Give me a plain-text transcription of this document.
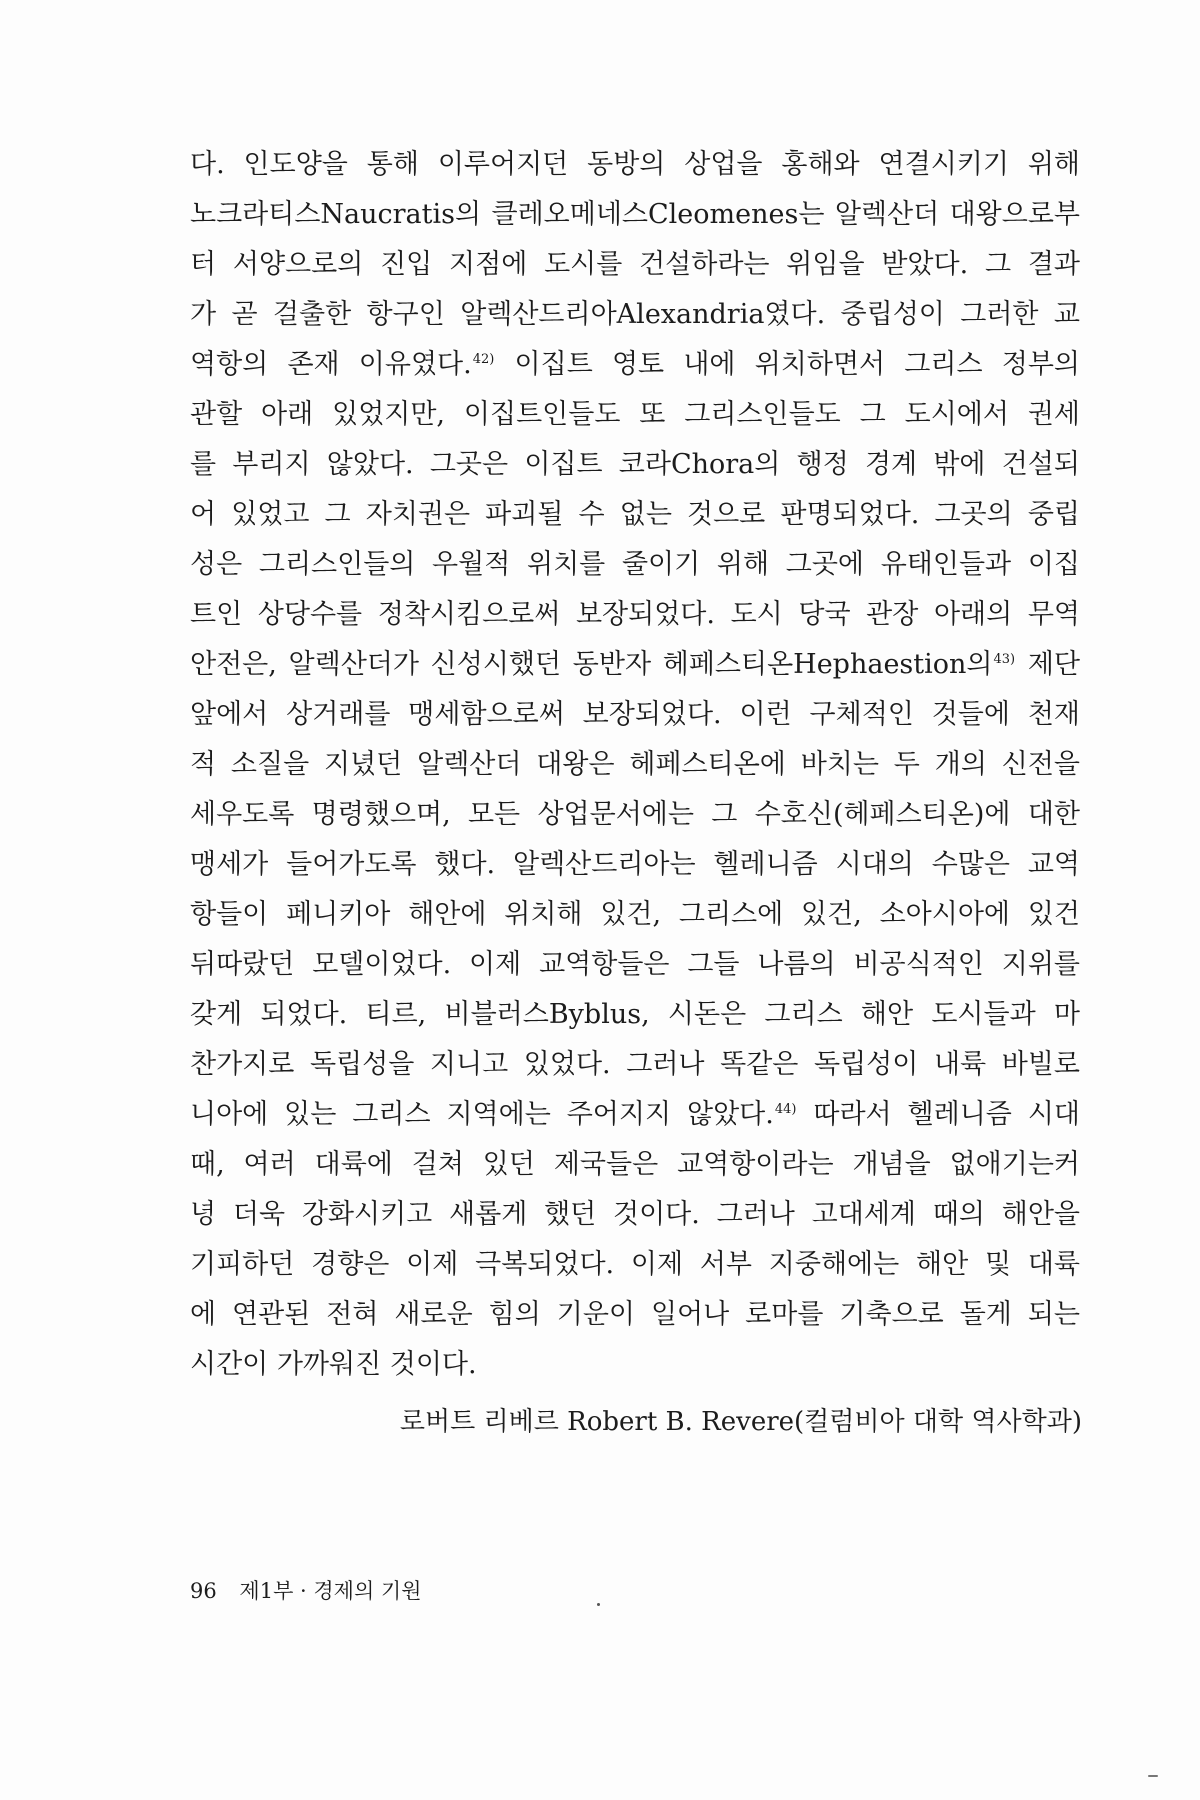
다. 인도양을 통해 이루어지던 동방의 상업을 홍해와 연결시키기 위해
노크라티스Naucratis의 클레오메네스Cleomenes는 알렉산더 대왕으로부
터 서양으로의 진입 지점에 도시를 건설하라는 위임을 받았다. 그 결과
가 곧 걸출한 항구인 알렉산드리아Alexandria였다. 중립성이 그러한 교
역항의 존재 이유였다.$^{42)}$ 이집트 영토 내에 위치하면서 그리스 정부의
관할 아래 있었지만, 이집트인들도 또 그리스인들도 그 도시에서 권세
를 부리지 않았다. 그곳은 이집트 코라Chora의 행정 경계 밖에 건설되
어 있었고 그 자치권은 파괴될 수 없는 것으로 판명되었다. 그곳의 중립
성은 그리스인들의 우월적 위치를 줄이기 위해 그곳에 유태인들과 이집
트인 상당수를 정착시킴으로써 보장되었다. 도시 당국 관장 아래의 무역
안전은, 알렉산더가 신성시했던 동반자 헤페스티온Hephaestion의$^{43)}$ 제단
앞에서 상거래를 맹세함으로써 보장되었다. 이런 구체적인 것들에 천재
적 소질을 지녔던 알렉산더 대왕은 헤페스티온에 바치는 두 개의 신전을
세우도록 명령했으며, 모든 상업문서에는 그 수호신(헤페스티온)에 대한
맹세가 들어가도록 했다. 알렉산드리아는 헬레니즘 시대의 수많은 교역
항들이 페니키아 해안에 위치해 있건, 그리스에 있건, 소아시아에 있건
뒤따랐던 모델이었다. 이제 교역항들은 그들 나름의 비공식적인 지위를
갖게 되었다. 티르, 비블러스Byblus, 시돈은 그리스 해안 도시들과 마
찬가지로 독립성을 지니고 있었다. 그러나 똑같은 독립성이 내륙 바빌로
니아에 있는 그리스 지역에는 주어지지 않았다.$^{44)}$ 따라서 헬레니즘 시대
때, 여러 대륙에 걸쳐 있던 제국들은 교역항이라는 개념을 없애기는커
녕 더욱 강화시키고 새롭게 했던 것이다. 그러나 고대세계 때의 해안을
기피하던 경향은 이제 극복되었다. 이제 서부 지중해에는 해안 및 대륙
에 연관된 전혀 새로운 힘의 기운이 일어나 로마를 기축으로 돌게 되는
시간이 가까워진 것이다.
로버트 리베르 Robert B. Revere(컬럼비아 대학 역사학과)
96 제1부 · 경제의 기원
